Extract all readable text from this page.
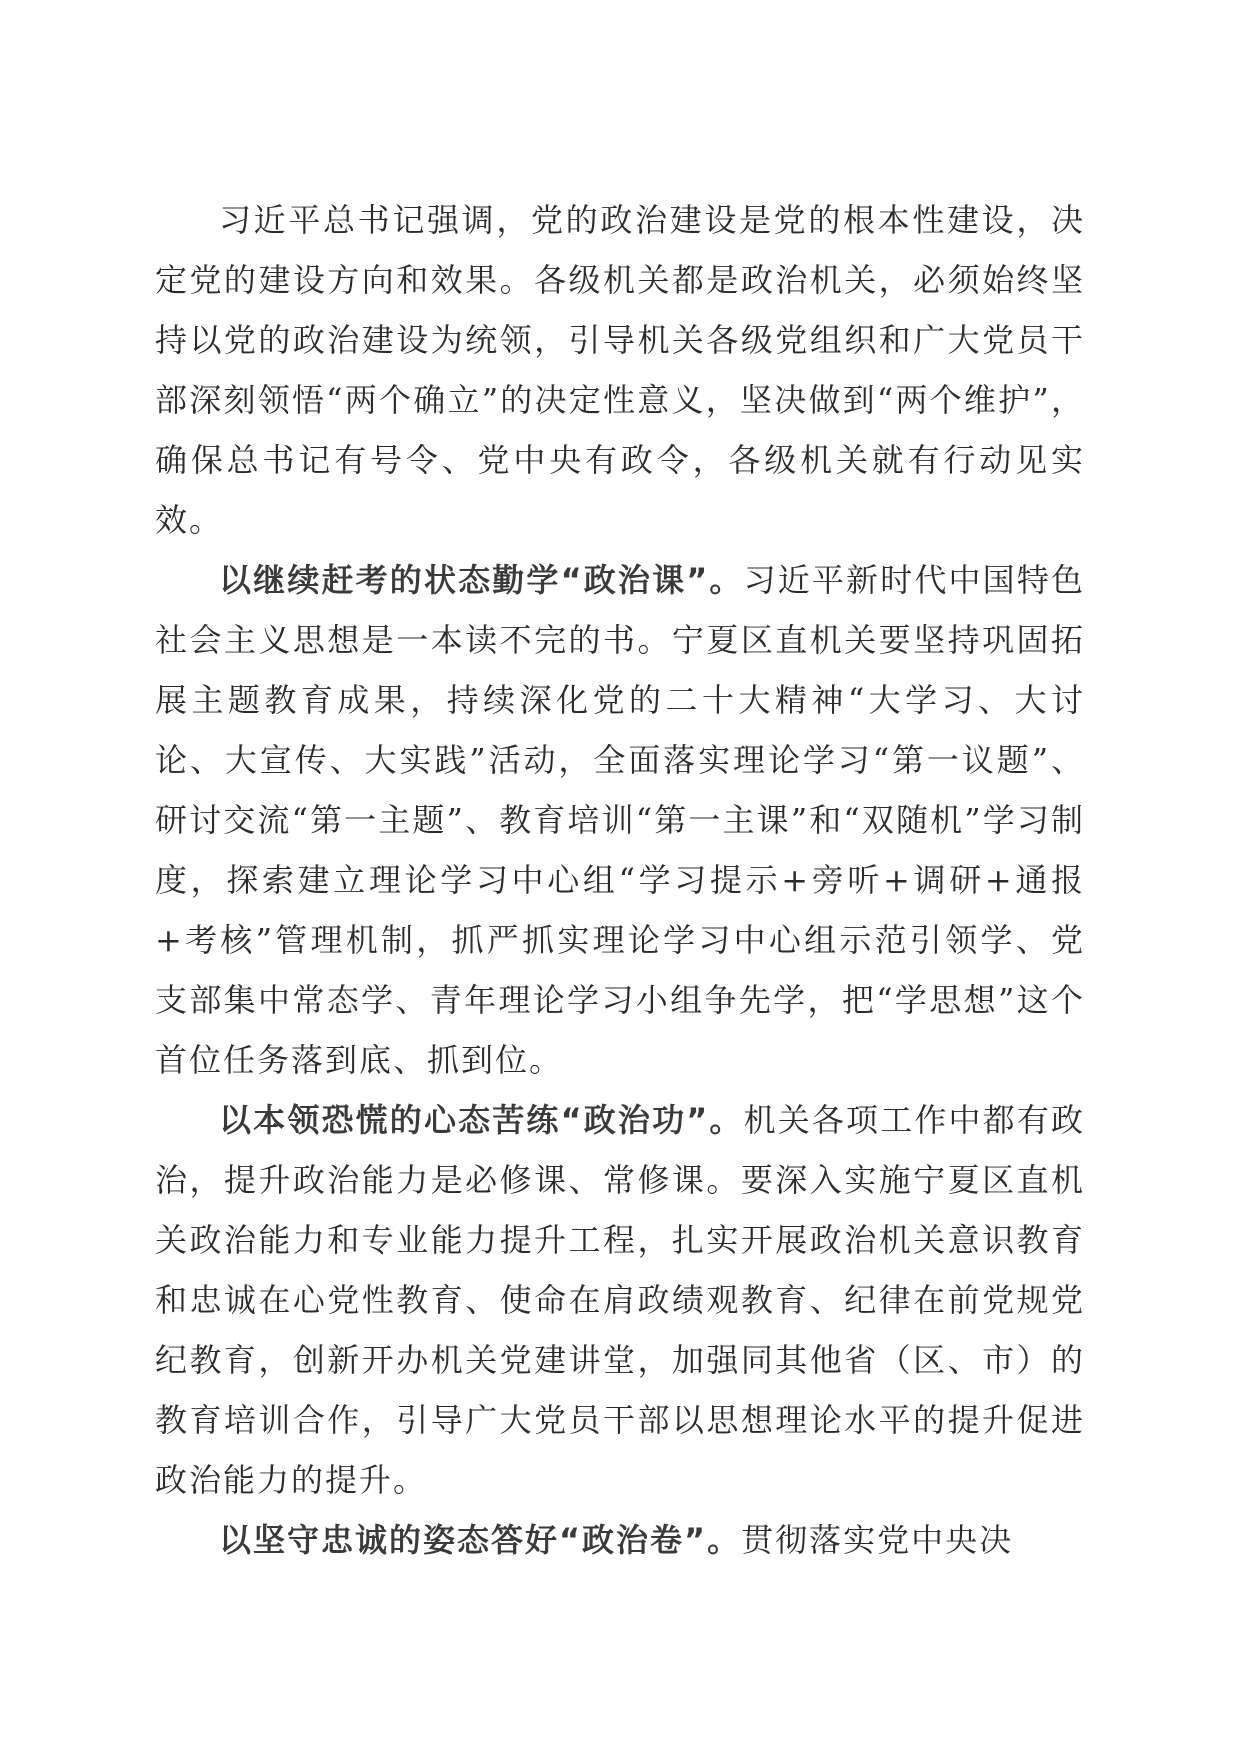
习近平总书记强调，党的政治建设是党的根本性建设，决定党的建设方向和效果。各级机关都是政治机关，必须始终坚持以党的政治建设为统领，引导机关各级党组织和广大党员干部深刻领悟“两个确立”的决定性意义，坚决做到“两个维护”，确保总书记有号令、党中央有政令，各级机关就有行动见实效。

以继续赶考的状态勤学“政治课”。习近平新时代中国特色社会主义思想是一本读不完的书。宁夏区直机关要坚持巩固拓展主题教育成果，持续深化党的二十大精神“大学习、大讨论、大宣传、大实践”活动，全面落实理论学习“第一议题”、研讨交流“第一主题”、教育培训“第一主课”和“双随机”学习制度，探索建立理论学习中心组“学习提示+旁听+调研+通报+考核”管理机制，抓严抓实理论学习中心组示范引领学、党支部集中常态学、青年理论学习小组争先学，把“学思想”这个首位任务落到底、抓到位。

以本领恐慌的心态苦练“政治功”。机关各项工作中都有政治，提升政治能力是必修课、常修课。要深入实施宁夏区直机关政治能力和专业能力提升工程，扎实开展政治机关意识教育和忠诚在心党性教育、使命在肩政绩观教育、纪律在前党规党纪教育，创新开办机关党建讲堂，加强同其他省（区、市）的教育培训合作，引导广大党员干部以思想理论水平的提升促进政治能力的提升。

以坚守忠诚的姿态答好“政治卷”。贯彻落实党中央决
